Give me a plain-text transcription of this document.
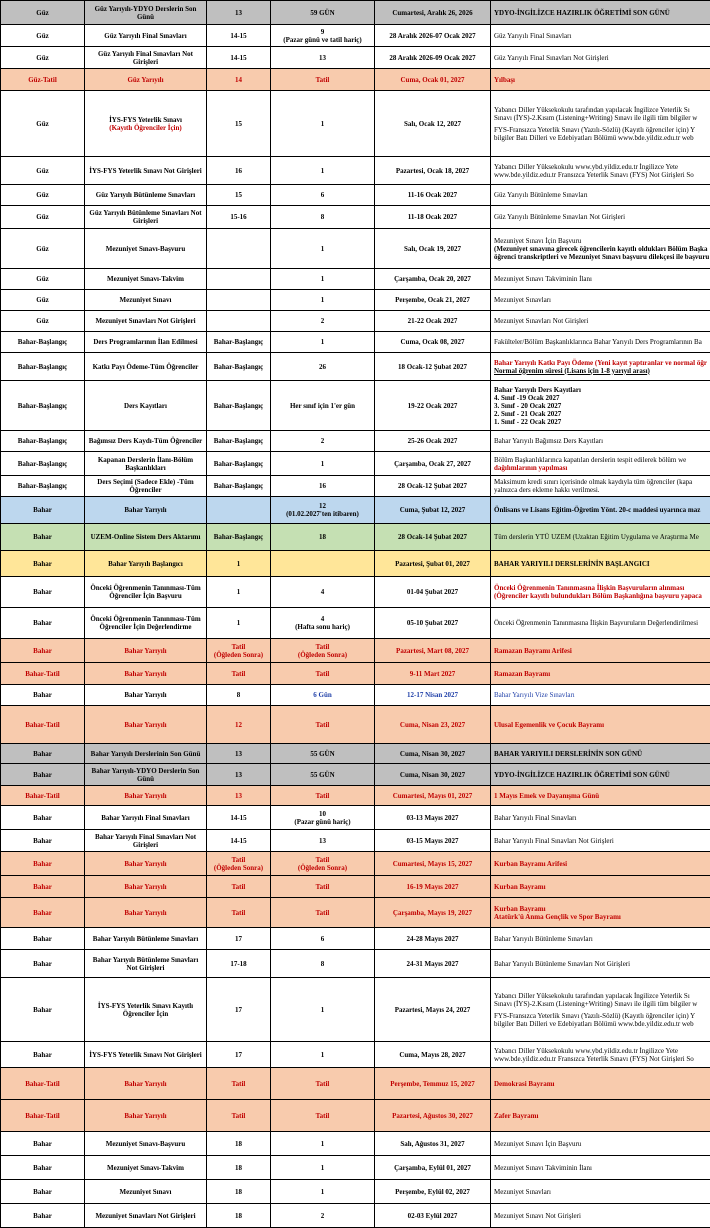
Güz	Güz Yarıyılı-YDYO Derslerin Son Günü	13	59 GÜN	Cumartesi, Aralık 26, 2026	YDYO-İNGİLİZCE HAZIRLIK ÖĞRETİMİ SON GÜNÜ

Güz	Güz Yarıyılı Final Sınavları	14-15	9
(Pazar günü ve tatil hariç)	28 Aralık 2026-07 Ocak 2027	Güz Yarıyılı Final Sınavları

Güz	Güz Yarıyılı Final Sınavları Not Girişleri	14-15	13	28 Aralık 2026-09 Ocak 2027	Güz Yarıyılı Final Sınavları Not Girişleri

Güz-Tatil	Güz Yarıyılı	14	Tatil	Cuma, Ocak 01, 2027	Yılbaşı

Güz	İYS-FYS Yeterlik Sınavı
(Kayıtlı Öğrenciler İçin)	15	1	Salı, Ocak 12, 2027	Yabancı Diller Yüksekokulu tarafından yapılacak İngilizce Yeterlik Sı
Sınavı (İYS)-2.Kısım (Listening+Writing) Sınavı ile ilgili tüm bilgiler w
FYS-Fransızca Yeterlik Sınavı (Yazılı-Sözlü) (Kayıtlı öğrenciler için) Y
bilgiler Batı Dilleri ve Edebiyatları Bölümü www.bde.yildiz.edu.tr web

Güz	İYS-FYS Yeterlik Sınavı Not Girişleri	16	1	Pazartesi, Ocak 18, 2027	Yabancı Diller Yüksekokulu www.ybd.yildiz.edu.tr İngilizce Yete
www.bde.yildiz.edu.tr Fransızca Yeterlik Sınavı (FYS) Not Girişleri So

Güz	Güz Yarıyılı Bütünleme Sınavları	15	6	11-16 Ocak 2027	Güz Yarıyılı Bütünleme Sınavları

Güz	Güz Yarıyılı Bütünleme Sınavları Not Girişleri	15-16	8	11-18 Ocak 2027	Güz Yarıyılı Bütünleme Sınavları Not Girişleri

Güz	Mezuniyet Sınavı-Başvuru		1	Salı, Ocak 19, 2027	Mezuniyet Sınavı İçin Başvuru
(Mezuniyet sınavına girecek öğrencilerin kayıtlı oldukları Bölüm Başka
öğrenci transkriptleri ve Mezuniyet Sınavı başvuru dilekçesi ile başvuru

Güz	Mezuniyet Sınavı-Takvim		1	Çarşamba, Ocak 20, 2027	Mezuniyet Sınavı Takviminin İlanı

Güz	Mezuniyet Sınavı		1	Perşembe, Ocak 21, 2027	Mezuniyet Sınavları

Güz	Mezuniyet Sınavları Not Girişleri		2	21-22 Ocak 2027	Mezuniyet Sınavları Not Girişleri

Bahar-Başlangıç	Ders Programlarının İlan Edilmesi	Bahar-Başlangıç	1	Cuma, Ocak 08, 2027	Fakülteler/Bölüm Başkanlıklarınca Bahar Yarıyılı Ders Programlarının Ba

Bahar-Başlangıç	Katkı Payı Ödeme-Tüm Öğrenciler	Bahar-Başlangıç	26	18 Ocak-12 Şubat 2027	Bahar Yarıyılı Katkı Payı Ödeme (Yeni kayıt yaptıranlar ve normal öğr
Normal öğrenim süresi (Lisans için 1-8 yarıyıl arası)

Bahar-Başlangıç	Ders Kayıtları	Bahar-Başlangıç	Her sınıf için 1'er gün	19-22 Ocak 2027	Bahar Yarıyılı Ders Kayıtları
4. Sınıf -19 Ocak 2027
3. Sınıf - 20 Ocak 2027
2. Sınıf - 21 Ocak 2027
1. Sınıf - 22 Ocak 2027

Bahar-Başlangıç	Bağımsız Ders Kaydı-Tüm Öğrenciler	Bahar-Başlangıç	2	25-26 Ocak 2027	Bahar Yarıyılı Bağımsız Ders Kayıtları

Bahar-Başlangıç	Kapanan Derslerin İlanı-Bölüm Başkanlıkları	Bahar-Başlangıç	1	Çarşamba, Ocak 27, 2027	Bölüm Başkanlıklarınca kapatılan derslerin tespit edilerek bölüm we
dağılımlarının yapılması

Bahar-Başlangıç	Ders Seçimi (Sadece Ekle) -Tüm Öğrenciler	Bahar-Başlangıç	16	28 Ocak-12 Şubat 2027	Maksimum kredi sınırı içerisinde olmak kaydıyla tüm öğrenciler (kapa
yalnızca ders ekleme hakkı verilmesi.

Bahar	Bahar Yarıyılı		12
(01.02.2027'ten itibaren)	Cuma, Şubat 12, 2027	Önlisans ve Lisans Eğitim-Öğretim Yönt. 20-c maddesi uyarınca maz

Bahar	UZEM-Online Sistem Ders Aktarımı	Bahar-Başlangıç	18	28 Ocak-14 Şubat 2027	Tüm derslerin YTÜ UZEM (Uzaktan Eğitim Uygulama ve Araştırma Me

Bahar	Bahar Yarıyılı Başlangıcı	1		Pazartesi, Şubat 01, 2027	BAHAR YARIYILI DERSLERİNİN BAŞLANGICI

Bahar	Önceki Öğrenmenin Tanınması-Tüm Öğrenciler İçin Başvuru	1	4	01-04 Şubat 2027	Önceki Öğrenmenin Tanınmasına İlişkin Başvuruların alınması
(Öğrenciler kayıtlı bulundukları Bölüm Başkanlığına başvuru yapaca

Bahar	Önceki Öğrenmenin Tanınması-Tüm Öğrenciler İçin Değerlendirme	1	4
(Hafta sonu hariç)	05-10 Şubat 2027	Önceki Öğrenmenin Tanınmasına İlişkin Başvuruların Değerlendirilmesi

Bahar	Bahar Yarıyılı	Tatil
(Öğleden Sonra)	Tatil
(Öğleden Sonra)	Pazartesi, Mart 08, 2027	Ramazan Bayramı Arifesi

Bahar-Tatil	Bahar Yarıyılı	Tatil	Tatil	9-11 Mart 2027	Ramazan Bayramı

Bahar	Bahar Yarıyılı	8	6 Gün	12-17 Nisan 2027	Bahar Yarıyılı Vize Sınavları

Bahar-Tatil	Bahar Yarıyılı	12	Tatil	Cuma, Nisan 23, 2027	Ulusal Egemenlik ve Çocuk Bayramı

Bahar	Bahar Yarıyılı Derslerinin Son Günü	13	55 GÜN	Cuma, Nisan 30, 2027	BAHAR YARIYILI DERSLERİNİN SON GÜNÜ

Bahar	Bahar Yarıyılı-YDYO Derslerin Son Günü	13	55 GÜN	Cuma, Nisan 30, 2027	YDYO-İNGİLİZCE HAZIRLIK ÖĞRETİMİ SON GÜNÜ

Bahar-Tatil	Bahar Yarıyılı	13	Tatil	Cumartesi, Mayıs 01, 2027	1 Mayıs Emek ve Dayanışma Günü

Bahar	Bahar Yarıyılı Final Sınavları	14-15	10
(Pazar günü hariç)	03-13 Mayıs 2027	Bahar Yarıyılı Final Sınavları

Bahar	Bahar Yarıyılı Final Sınavları Not Girişleri	14-15	13	03-15 Mayıs 2027	Bahar Yarıyılı Final Sınavları Not Girişleri

Bahar	Bahar Yarıyılı	Tatil
(Öğleden Sonra)	Tatil
(Öğleden Sonra)	Cumartesi, Mayıs 15, 2027	Kurban Bayramı Arifesi

Bahar	Bahar Yarıyılı	Tatil	Tatil	16-19 Mayıs 2027	Kurban Bayramı

Bahar	Bahar Yarıyılı	Tatil	Tatil	Çarşamba, Mayıs 19, 2027	Kurban Bayramı
Atatürk'ü Anma Gençlik ve Spor Bayramı

Bahar	Bahar Yarıyılı Bütünleme Sınavları	17	6	24-28 Mayıs 2027	Bahar Yarıyılı Bütünleme Sınavları

Bahar	Bahar Yarıyılı Bütünleme Sınavları Not Girişleri	17-18	8	24-31 Mayıs 2027	Bahar Yarıyılı Bütünleme Sınavları Not Girişleri

Bahar	İYS-FYS Yeterlik Sınavı Kayıtlı Öğrenciler İçin	17	1	Pazartesi, Mayıs 24, 2027	Yabancı Diller Yüksekokulu tarafından yapılacak İngilizce Yeterlik Sı
Sınavı (İYS)-2.Kısım (Listening+Writing) Sınavı ile ilgili tüm bilgiler w
FYS-Fransızca Yeterlik Sınavı (Yazılı-Sözlü) (Kayıtlı öğrenciler için) Y
bilgiler Batı Dilleri ve Edebiyatları Bölümü www.bde.yildiz.edu.tr web

Bahar	İYS-FYS Yeterlik Sınavı Not Girişleri	17	1	Cuma, Mayıs 28, 2027	Yabancı Diller Yüksekokulu www.ybd.yildiz.edu.tr İngilizce Yete
www.bde.yildiz.edu.tr Fransızca Yeterlik Sınavı (FYS) Not Girişleri So

Bahar-Tatil	Bahar Yarıyılı	Tatil	Tatil	Perşembe, Temmuz 15, 2027	Demokrasi Bayramı

Bahar-Tatil	Bahar Yarıyılı	Tatil	Tatil	Pazartesi, Ağustos 30, 2027	Zafer Bayramı

Bahar	Mezuniyet Sınavı-Başvuru	18	1	Salı, Ağustos 31, 2027	Mezuniyet Sınavı İçin Başvuru

Bahar	Mezuniyet Sınavı-Takvim	18	1	Çarşamba, Eylül 01, 2027	Mezuniyet Sınavı Takviminin İlanı

Bahar	Mezuniyet Sınavı	18	1	Perşembe, Eylül 02, 2027	Mezuniyet Sınavları

Bahar	Mezuniyet Sınavları Not Girişleri	18	2	02-03 Eylül 2027	Mezuniyet Sınavı Not Girişleri
